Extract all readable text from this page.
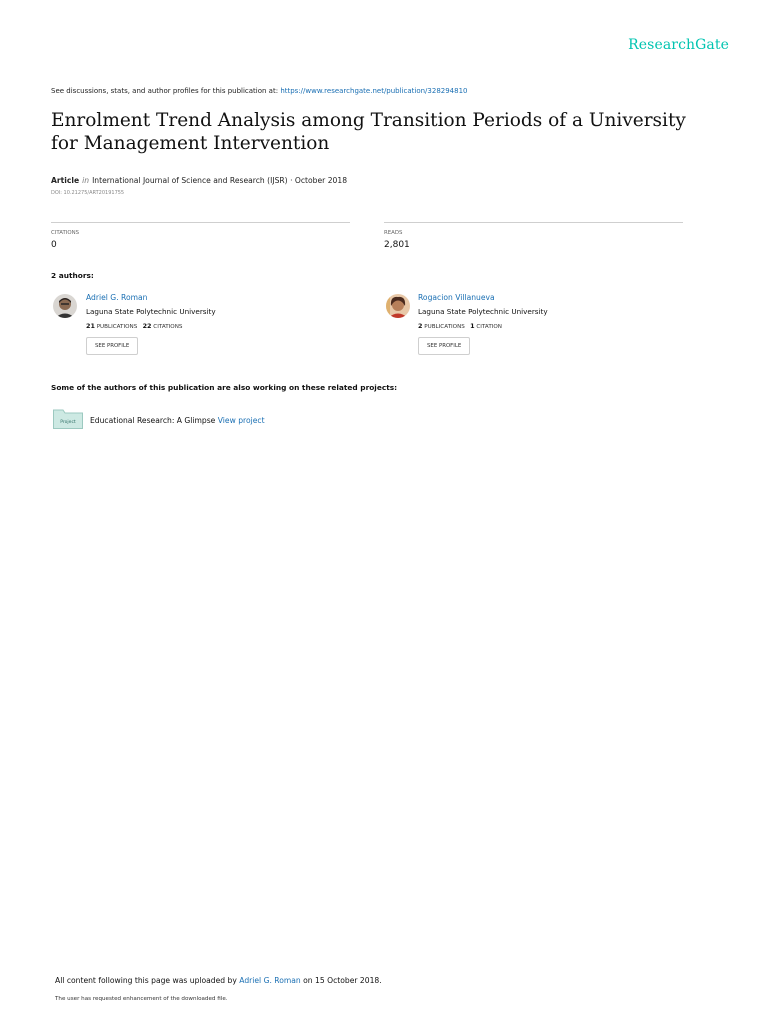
ResearchGate
See discussions, stats, and author profiles for this publication at: https://www.researchgate.net/publication/328294810
Enrolment Trend Analysis among Transition Periods of a University for Management Intervention
Article in International Journal of Science and Research (IJSR) · October 2018
DOI: 10.21275/ART20191755
CITATIONS
0
READS
2,801
2 authors:
Adriel G. Roman
Laguna State Polytechnic University
21 PUBLICATIONS 22 CITATIONS
SEE PROFILE
Rogacion Villanueva
Laguna State Polytechnic University
2 PUBLICATIONS 1 CITATION
SEE PROFILE
Some of the authors of this publication are also working on these related projects:
Project Educational Research: A Glimpse View project
All content following this page was uploaded by Adriel G. Roman on 15 October 2018.
The user has requested enhancement of the downloaded file.
